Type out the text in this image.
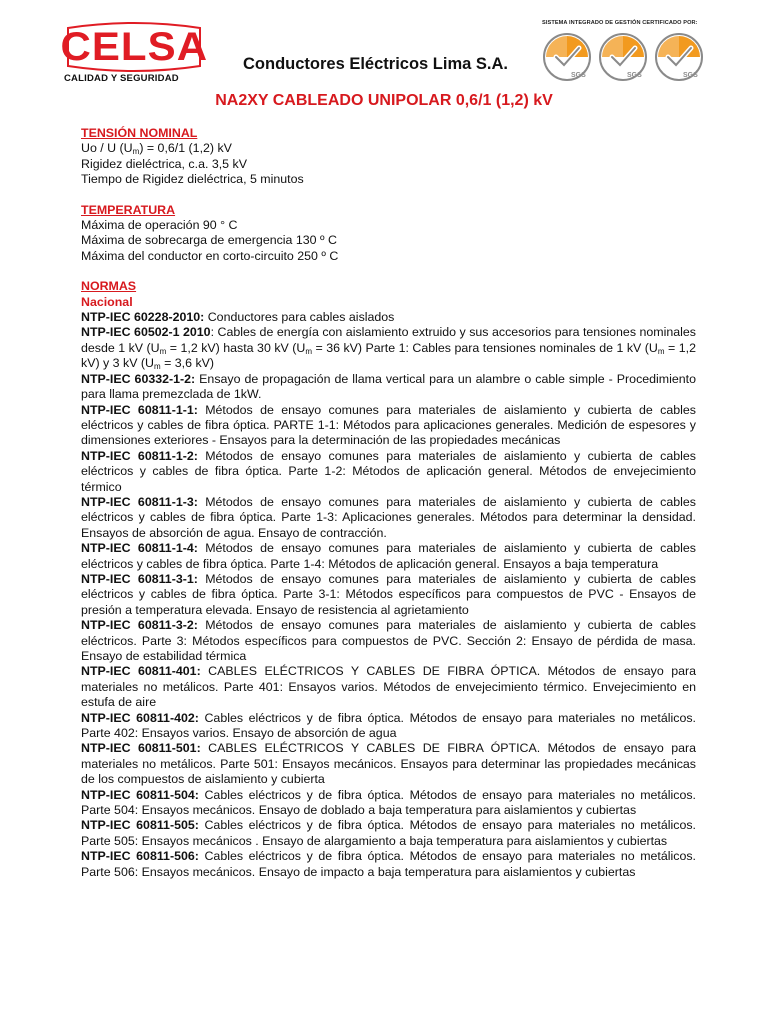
CELSA
CALIDAD Y SEGURIDAD
Conductores Eléctricos Lima S.A.
SISTEMA INTEGRADO DE GESTIÓN CERTIFICADO POR:
SGS	SGS	SGS
NA2XY CABLEADO UNIPOLAR 0,6/1 (1,2) kV

TENSIÓN NOMINAL

Uo / U $(U_m) = 0,6/1$ (1,2) kV

Rigidez dieléctrica, c.a. 3,5 kV

Tiempo de Rigidez dieléctrica, 5 minutos

TEMPERATURA

Máxima de operación 90 ° C

Máxima de sobrecarga de emergencia 130 º C

Máxima del conductor en corto-circuito 250 º C

NORMAS

Nacional

NTP-IEC 60228-2010: Conductores para cables aislados

NTP-IEC 60502-1 2010: Cables de energía con aislamiento extruido y sus accesorios para tensiones nominales desde 1 kV ($U_m = 1,2$ kV) hasta 30 kV ($U_m = 36$ kV) Parte 1: Cables para tensiones nominales de 1 kV ($U_m = 1,2$ kV) y 3 kV ($U_m = 3,6$ kV)

NTP-IEC 60332-1-2: Ensayo de propagación de llama vertical para un alambre o cable simple - Procedimiento para llama premezclada de 1kW.

NTP-IEC 60811-1-1: Métodos de ensayo comunes para materiales de aislamiento y cubierta de cables eléctricos y cables de fibra óptica. PARTE 1-1: Métodos para aplicaciones generales. Medición de espesores y dimensiones exteriores - Ensayos para la determinación de las propiedades mecánicas

NTP-IEC 60811-1-2: Métodos de ensayo comunes para materiales de aislamiento y cubierta de cables eléctricos y cables de fibra óptica. Parte 1-2: Métodos de aplicación general. Métodos de envejecimiento térmico

NTP-IEC 60811-1-3: Métodos de ensayo comunes para materiales de aislamiento y cubierta de cables eléctricos y cables de fibra óptica. Parte 1-3: Aplicaciones generales. Métodos para determinar la densidad. Ensayos de absorción de agua. Ensayo de contracción.

NTP-IEC 60811-1-4: Métodos de ensayo comunes para materiales de aislamiento y cubierta de cables eléctricos y cables de fibra óptica. Parte 1-4: Métodos de aplicación general. Ensayos a baja temperatura

NTP-IEC 60811-3-1: Métodos de ensayo comunes para materiales de aislamiento y cubierta de cables eléctricos y cables de fibra óptica. Parte 3-1: Métodos específicos para compuestos de PVC - Ensayos de presión a temperatura elevada. Ensayo de resistencia al agrietamiento

NTP-IEC 60811-3-2: Métodos de ensayo comunes para materiales de aislamiento y cubierta de cables eléctricos. Parte 3: Métodos específicos para compuestos de PVC. Sección 2: Ensayo de pérdida de masa. Ensayo de estabilidad térmica

NTP-IEC 60811-401: CABLES ELÉCTRICOS Y CABLES DE FIBRA ÓPTICA. Métodos de ensayo para materiales no metálicos. Parte 401: Ensayos varios. Métodos de envejecimiento térmico. Envejecimiento en estufa de aire

NTP-IEC 60811-402: Cables eléctricos y de fibra óptica. Métodos de ensayo para materiales no metálicos. Parte 402: Ensayos varios. Ensayo de absorción de agua

NTP-IEC 60811-501: CABLES ELÉCTRICOS Y CABLES DE FIBRA ÓPTICA. Métodos de ensayo para materiales no metálicos. Parte 501: Ensayos mecánicos. Ensayos para determinar las propiedades mecánicas de los compuestos de aislamiento y cubierta

NTP-IEC 60811-504: Cables eléctricos y de fibra óptica. Métodos de ensayo para materiales no metálicos. Parte 504: Ensayos mecánicos. Ensayo de doblado a baja temperatura para aislamientos y cubiertas

NTP-IEC 60811-505: Cables eléctricos y de fibra óptica. Métodos de ensayo para materiales no metálicos. Parte 505: Ensayos mecánicos . Ensayo de alargamiento a baja temperatura para aislamientos y cubiertas

NTP-IEC 60811-506: Cables eléctricos y de fibra óptica. Métodos de ensayo para materiales no metálicos. Parte 506: Ensayos mecánicos. Ensayo de impacto a baja temperatura para aislamientos y cubiertas
